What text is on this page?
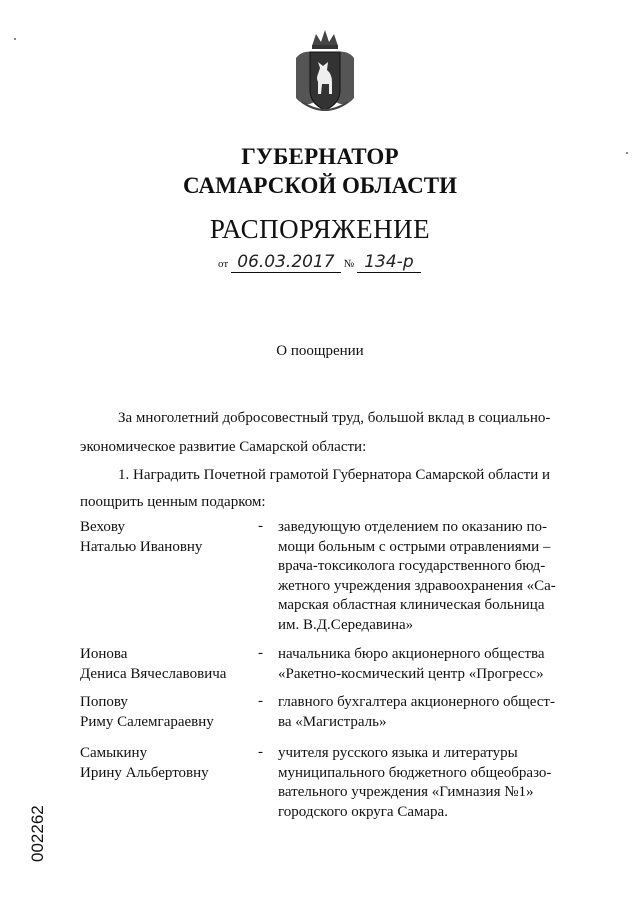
ГУБЕРНАТОР
САМАРСКОЙ ОБЛАСТИ
РАСПОРЯЖЕНИЕ
от 06.03.2017 № 134-р
О поощрении
За многолетний добросовестный труд, большой вклад в социально-
экономическое развитие Самарской области:
1. Наградить Почетной грамотой Губернатора Самарской области и
поощрить ценным подарком:
Вехову
Наталью Ивановну
- заведующую отделением по оказанию по-
мощи больным с острыми отравлениями –
врача-токсиколога государственного бюд-
жетного учреждения здравоохранения «Са-
марская областная клиническая больница
им. В.Д.Середавина»
Ионова
Дениса Вячеславовича
- начальника бюро акционерного общества
«Ракетно-космический центр «Прогресс»
Попову
Риму Салемгараевну
- главного бухгалтера акционерного общест-
ва «Магистраль»
Самыкину
Ирину Альбертовну
- учителя русского языка и литературы
муниципального бюджетного общеобразо-
вательного учреждения «Гимназия №1»
городского округа Самара.
002262
